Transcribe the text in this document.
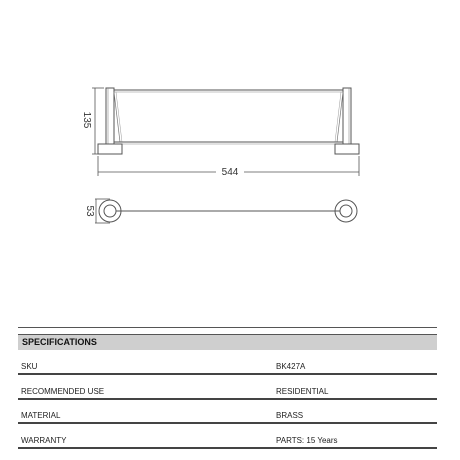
135
544
53
SPECIFICATIONS
SKU	BK427A
RECOMMENDED USE	RESIDENTIAL
MATERIAL	BRASS
WARRANTY	PARTS: 15 Years
